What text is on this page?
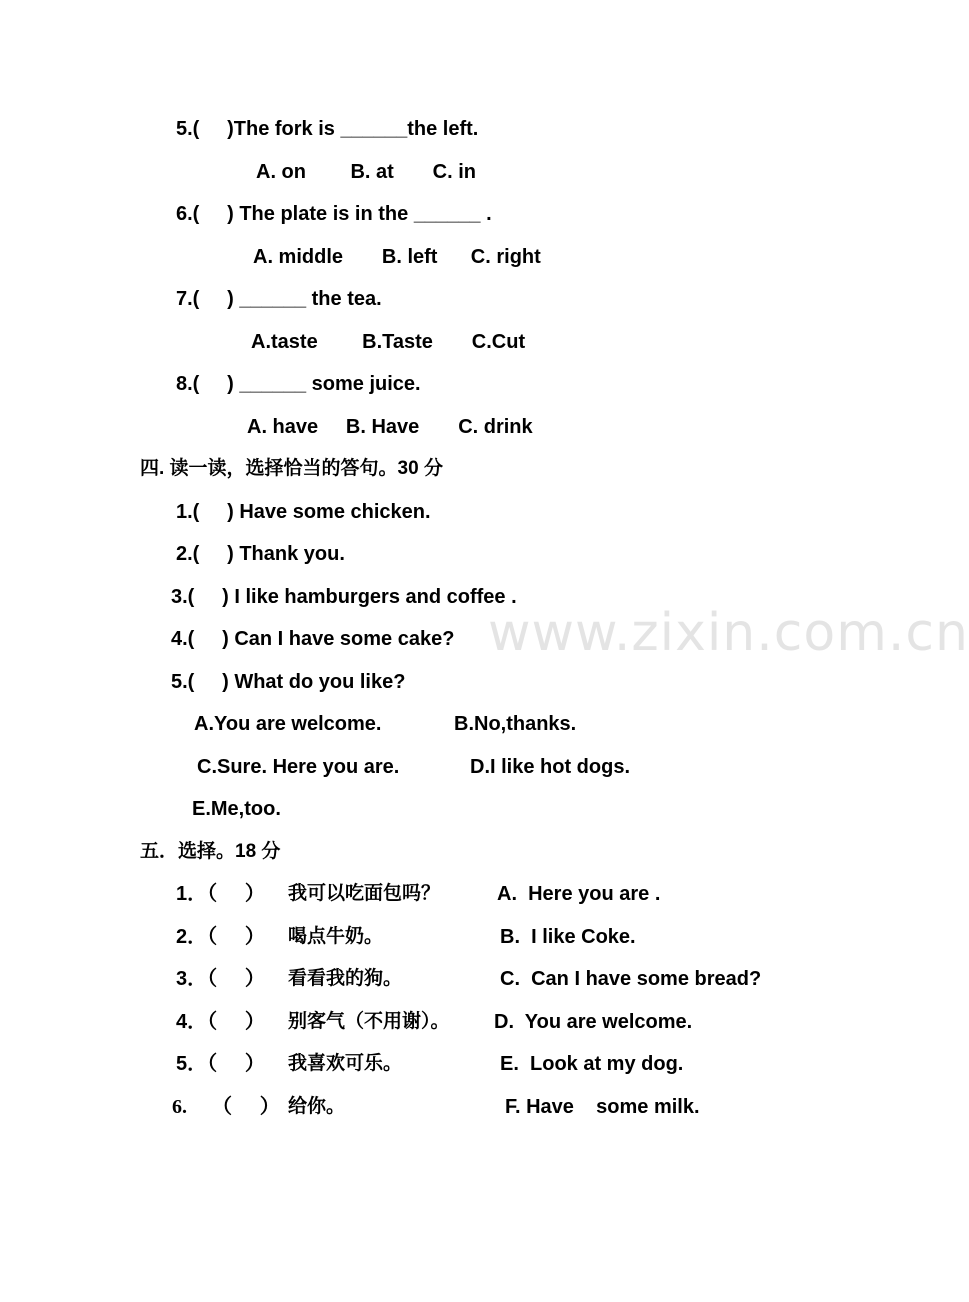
www.zixin.com.cn
5.(     )The fork is ______the left.
A. on        B. at       C. in
6.(     ) The plate is in the ______ .
A. middle       B. left      C. right
7.(     ) ______ the tea.
A.taste        B.Taste       C.Cut
8.(     ) ______ some juice.
A. have     B. Have       C. drink
四. 读一读，选择恰当的答句。30 分
1.(     ) Have some chicken.
2.(     ) Thank you.
3.(     ) I like hamburgers and coffee .
4.(     ) Can I have some cake?
5.(     ) What do you like?
A.You are welcome.	B.No,thanks.
C.Sure. Here you are.	D.I like hot dogs.
E.Me,too.
五．选择。18 分
1．（     ） 我可以吃面包吗？	A.  Here you are .
2．（     ） 喝点牛奶。	B.  I like Coke.
3．（     ） 看看我的狗。	C.  Can I have some bread?
4．（     ） 别客气（不用谢）。 D.  You are welcome.
5．（     ） 我喜欢可乐。	E.  Look at my dog.
6. （     ） 给你。	F. Have    some milk.
